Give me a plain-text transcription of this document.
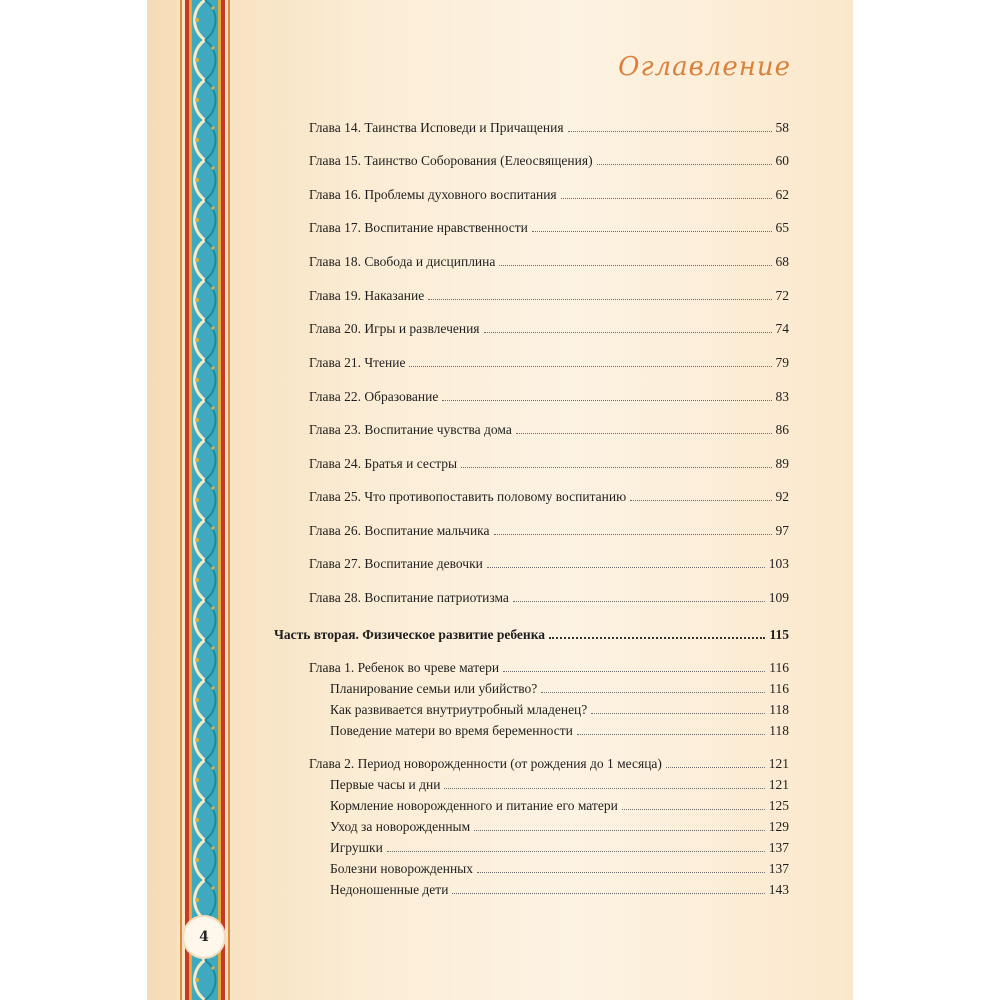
Оглавление
Глава 14. Таинства Исповеди и Причащения	58
Глава 15. Таинство Соборования (Елеосвящения)	60
Глава 16. Проблемы духовного воспитания	62
Глава 17. Воспитание нравственности	65
Глава 18. Свобода и дисциплина	68
Глава 19. Наказание	72
Глава 20. Игры и развлечения	74
Глава 21. Чтение	79
Глава 22. Образование	83
Глава 23. Воспитание чувства дома	86
Глава 24. Братья и сестры	89
Глава 25. Что противопоставить половому воспитанию	92
Глава 26. Воспитание мальчика	97
Глава 27. Воспитание девочки	103
Глава 28. Воспитание патриотизма	109
Часть вторая. Физическое развитие ребенка	115
Глава 1. Ребенок во чреве матери	116
Планирование семьи или убийство?	116
Как развивается внутриутробный младенец?	118
Поведение матери во время беременности	118
Глава 2. Период новорожденности (от рождения до 1 месяца)	121
Первые часы и дни	121
Кормление новорожденного и питание его матери	125
Уход за новорожденным	129
Игрушки	137
Болезни новорожденных	137
Недоношенные дети	143
4
